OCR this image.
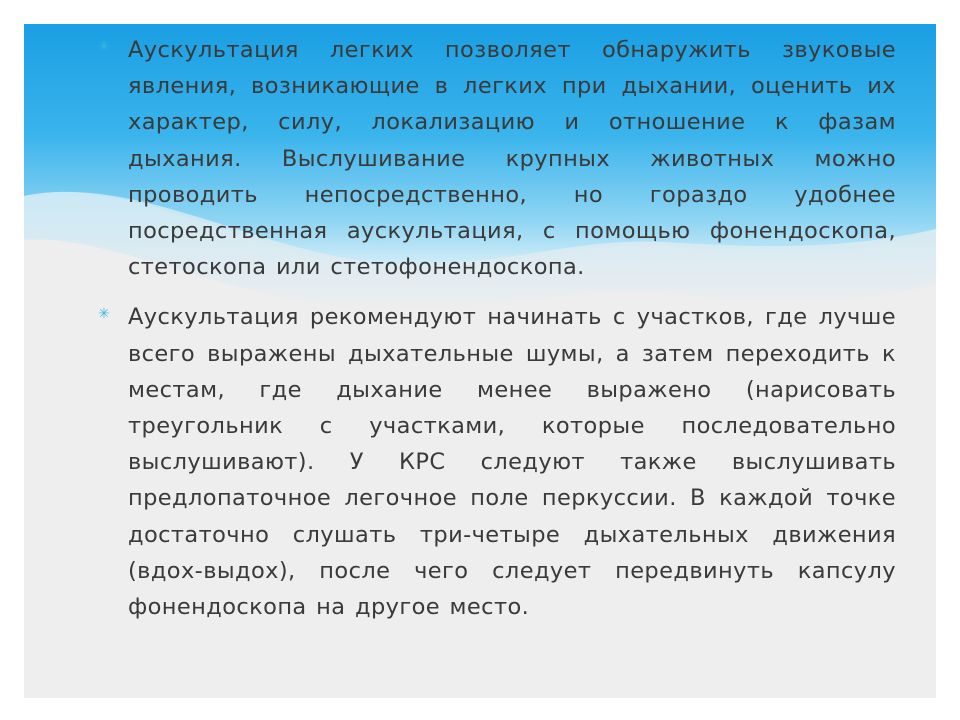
✳ Аускультация легких позволяет обнаружить звуковые явления, возникающие в легких при дыхании, оценить их характер, силу, локализацию и отношение к фазам дыхания. Выслушивание крупных животных можно проводить непосредственно, но гораздо удобнее посредственная аускультация, с помощью фонендоскопа, стетоскопа или стетофонендоскопа.
✳ Аускультация рекомендуют начинать с участков, где лучше всего выражены дыхательные шумы, а затем переходить к местам, где дыхание менее выражено (нарисовать треугольник с участками, которые последовательно выслушивают). У КРС следуют также выслушивать предлопаточное легочное поле перкуссии. В каждой точке достаточно слушать три-четыре дыхательных движения (вдох-выдох), после чего следует передвинуть капсулу фонендоскопа на другое место.
